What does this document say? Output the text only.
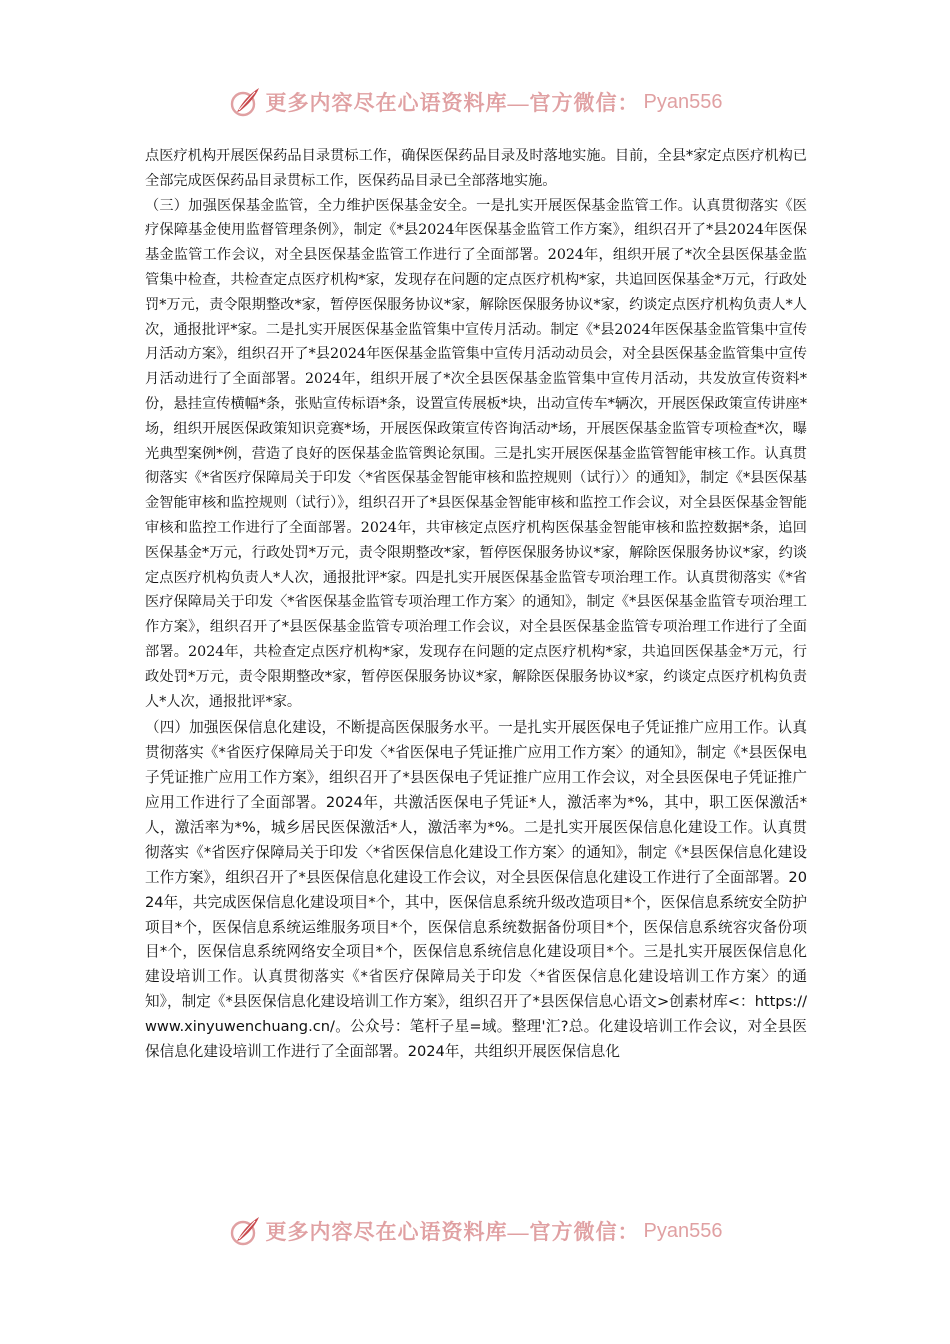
更多内容尽在心语资料库—官方微信： Pyan556

点医疗机构开展医保药品目录贯标工作，确保医保药品目录及时落地实施。目前，全县*家定点医疗机构已全部完成医保药品目录贯标工作，医保药品目录已全部落地实施。

（三）加强医保基金监管，全力维护医保基金安全。一是扎实开展医保基金监管工作。认真贯彻落实《医疗保障基金使用监督管理条例》，制定《*县2024年医保基金监管工作方案》，组织召开了*县2024年医保基金监管工作会议，对全县医保基金监管工作进行了全面部署。2024年，组织开展了*次全县医保基金监管集中检查，共检查定点医疗机构*家，发现存在问题的定点医疗机构*家，共追回医保基金*万元，行政处罚*万元，责令限期整改*家，暂停医保服务协议*家，解除医保服务协议*家，约谈定点医疗机构负责人*人次，通报批评*家。二是扎实开展医保基金监管集中宣传月活动。制定《*县2024年医保基金监管集中宣传月活动方案》，组织召开了*县2024年医保基金监管集中宣传月活动动员会，对全县医保基金监管集中宣传月活动进行了全面部署。2024年，组织开展了*次全县医保基金监管集中宣传月活动，共发放宣传资料*份，悬挂宣传横幅*条，张贴宣传标语*条，设置宣传展板*块，出动宣传车*辆次，开展医保政策宣传讲座*场，组织开展医保政策知识竞赛*场，开展医保政策宣传咨询活动*场，开展医保基金监管专项检查*次，曝光典型案例*例，营造了良好的医保基金监管舆论氛围。三是扎实开展医保基金监管智能审核工作。认真贯彻落实《*省医疗保障局关于印发〈*省医保基金智能审核和监控规则（试行）〉的通知》，制定《*县医保基金智能审核和监控规则（试行）》，组织召开了*县医保基金智能审核和监控工作会议，对全县医保基金智能审核和监控工作进行了全面部署。2024年，共审核定点医疗机构医保基金智能审核和监控数据*条，追回医保基金*万元，行政处罚*万元，责令限期整改*家，暂停医保服务协议*家，解除医保服务协议*家，约谈定点医疗机构负责人*人次，通报批评*家。四是扎实开展医保基金监管专项治理工作。认真贯彻落实《*省医疗保障局关于印发〈*省医保基金监管专项治理工作方案〉的通知》，制定《*县医保基金监管专项治理工作方案》，组织召开了*县医保基金监管专项治理工作会议，对全县医保基金监管专项治理工作进行了全面部署。2024年，共检查定点医疗机构*家，发现存在问题的定点医疗机构*家，共追回医保基金*万元，行政处罚*万元，责令限期整改*家，暂停医保服务协议*家，解除医保服务协议*家，约谈定点医疗机构负责人*人次，通报批评*家。

（四）加强医保信息化建设，不断提高医保服务水平。一是扎实开展医保电子凭证推广应用工作。认真贯彻落实《*省医疗保障局关于印发〈*省医保电子凭证推广应用工作方案〉的通知》，制定《*县医保电子凭证推广应用工作方案》，组织召开了*县医保电子凭证推广应用工作会议，对全县医保电子凭证推广应用工作进行了全面部署。2024年，共激活医保电子凭证*人，激活率为*%，其中，职工医保激活*人，激活率为*%，城乡居民医保激活*人，激活率为*%。二是扎实开展医保信息化建设工作。认真贯彻落实《*省医疗保障局关于印发〈*省医保信息化建设工作方案〉的通知》，制定《*县医保信息化建设工作方案》，组织召开了*县医保信息化建设工作会议，对全县医保信息化建设工作进行了全面部署。2024年，共完成医保信息化建设项目*个，其中，医保信息系统升级改造项目*个，医保信息系统安全防护项目*个，医保信息系统运维服务项目*个，医保信息系统数据备份项目*个，医保信息系统容灾备份项目*个，医保信息系统网络安全项目*个，医保信息系统信息化建设项目*个。三是扎实开展医保信息化建设培训工作。认真贯彻落实《*省医疗保障局关于印发〈*省医保信息化建设培训工作方案〉的通知》，制定《*县医保信息化建设培训工作方案》，组织召开了*县医保信息心语文>创素材库<：https://www.xinyuwenchuang.cn/。公众号：笔杆子星=域。整理'汇?总。化建设培训工作会议，对全县医保信息化建设培训工作进行了全面部署。2024年，共组织开展医保信息化

更多内容尽在心语资料库—官方微信： Pyan556
